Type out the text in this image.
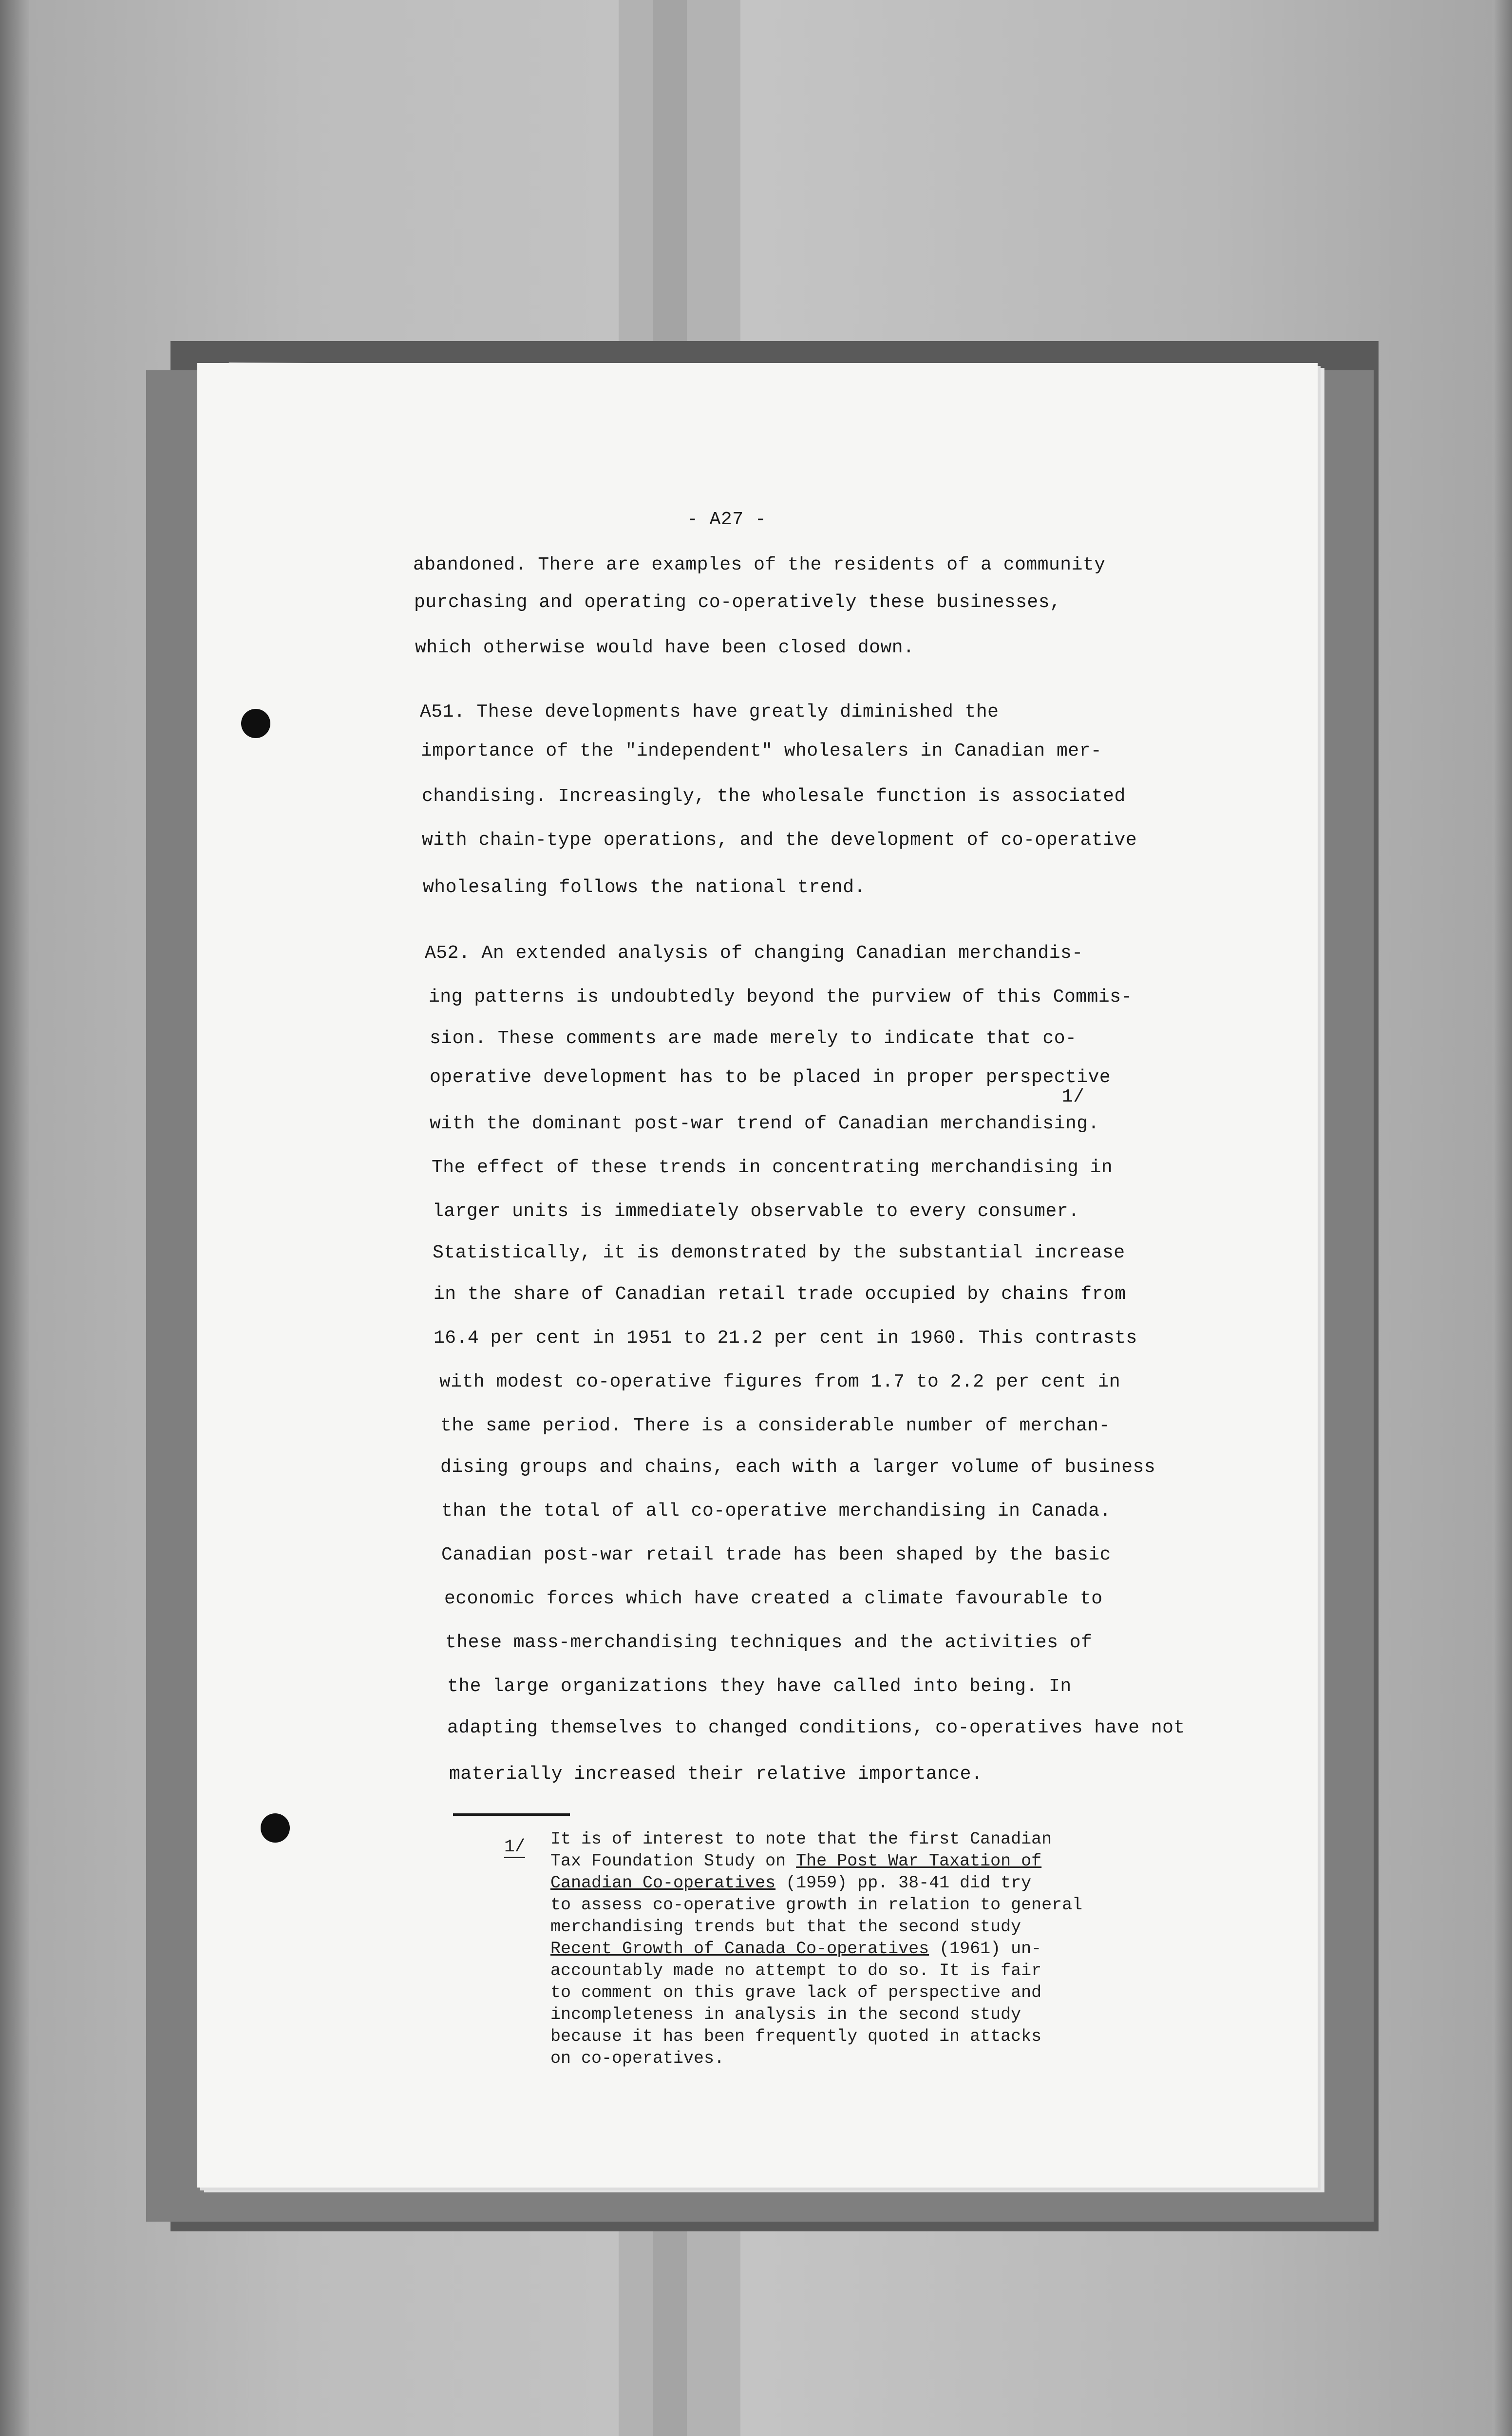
- A27 -
abandoned. There are examples of the residents of a community
purchasing and operating co-operatively these businesses,
which otherwise would have been closed down.
A51. These developments have greatly diminished the
importance of the "independent" wholesalers in Canadian mer-
chandising. Increasingly, the wholesale function is associated
with chain-type operations, and the development of co-operative
wholesaling follows the national trend.
A52. An extended analysis of changing Canadian merchandis-
ing patterns is undoubtedly beyond the purview of this Commis-
sion. These comments are made merely to indicate that co-
operative development has to be placed in proper perspective
with the dominant post-war trend of Canadian merchandising.
1/
The effect of these trends in concentrating merchandising in
larger units is immediately observable to every consumer.
Statistically, it is demonstrated by the substantial increase
in the share of Canadian retail trade occupied by chains from
16.4 per cent in 1951 to 21.2 per cent in 1960. This contrasts
with modest co-operative figures from 1.7 to 2.2 per cent in
the same period. There is a considerable number of merchan-
dising groups and chains, each with a larger volume of business
than the total of all co-operative merchandising in Canada.
Canadian post-war retail trade has been shaped by the basic
economic forces which have created a climate favourable to
these mass-merchandising techniques and the activities of
the large organizations they have called into being. In
adapting themselves to changed conditions, co-operatives have not
materially increased their relative importance.
1/ It is of interest to note that the first Canadian
Tax Foundation Study on The Post War Taxation of
Canadian Co-operatives (1959) pp. 38-41 did try
to assess co-operative growth in relation to general
merchandising trends but that the second study
Recent Growth of Canada Co-operatives (1961) un-
accountably made no attempt to do so. It is fair
to comment on this grave lack of perspective and
incompleteness in analysis in the second study
because it has been frequently quoted in attacks
on co-operatives.
